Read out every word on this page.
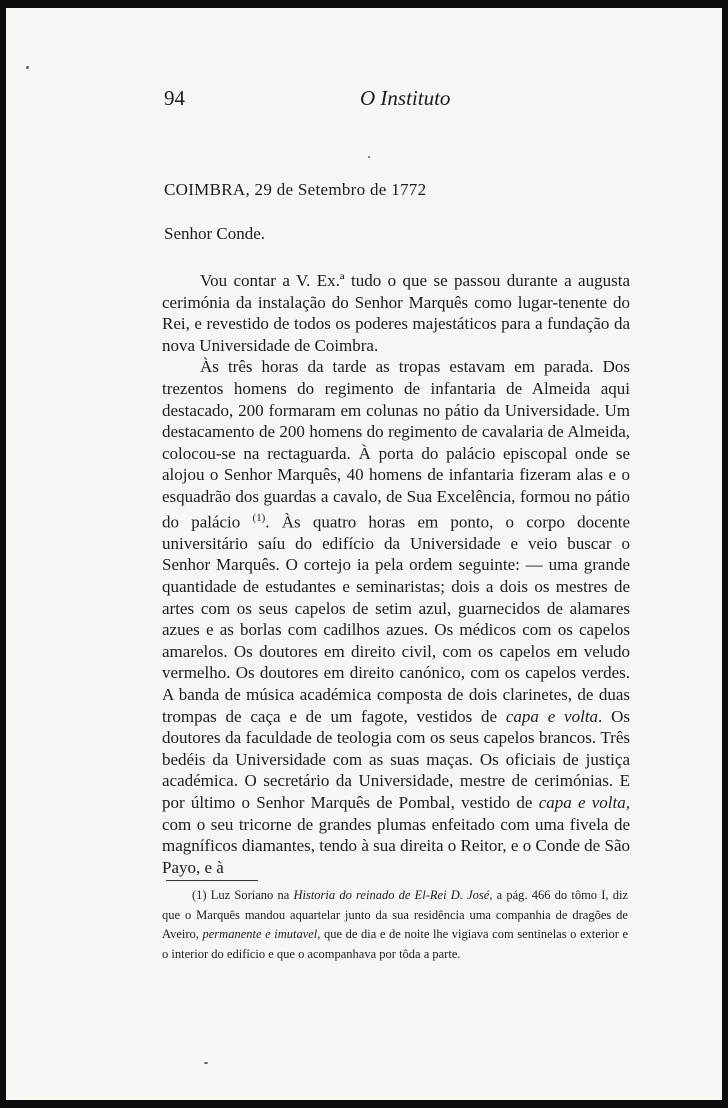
94	O Instituto
COIMBRA, 29 de Setembro de 1772
Senhor Conde.

Vou contar a V. Ex.ª tudo o que se passou durante a augusta cerimónia da instalação do Senhor Marquês como lugar-tenente do Rei, e revestido de todos os poderes majestáticos para a fundação da nova Universidade de Coimbra.

Às três horas da tarde as tropas estavam em parada. Dos trezentos homens do regimento de infantaria de Almeida aqui destacado, 200 formaram em colunas no pátio da Universidade. Um destacamento de 200 homens do regimento de cavalaria de Almeida, colocou-se na rectaguarda. À porta do palácio episcopal onde se alojou o Senhor Marquês, 40 homens de infantaria fizeram alas e o esquadrão dos guardas a cavalo, de Sua Excelência, formou no pátio do palácio $^{(1)}$. Às quatro horas em ponto, o corpo docente universitário saíu do edifício da Universidade e veio buscar o Senhor Marquês. O cortejo ia pela ordem seguinte: — uma grande quantidade de estudantes e seminaristas; dois a dois os mestres de artes com os seus capelos de setim azul, guarnecidos de alamares azues e as borlas com cadilhos azues. Os médicos com os capelos amarelos. Os doutores em direito civil, com os capelos em veludo vermelho. Os doutores em direito canónico, com os capelos verdes. A banda de música académica composta de dois clarinetes, de duas trompas de caça e de um fagote, vestidos de capa e volta. Os doutores da faculdade de teologia com os seus capelos brancos. Três bedéis da Universidade com as suas maças. Os oficiais de justiça académica. O secretário da Universidade, mestre de cerimónias. E por último o Senhor Marquês de Pombal, vestido de capa e volta, com o seu tricorne de grandes plumas enfeitado com uma fivela de magníficos diamantes, tendo à sua direita o Reitor, e o Conde de São Payo, e à

(1) Luz Soriano na Historia do reinado de El-Rei D. José, a pág. 466 do tômo I, diz que o Marquês mandou aquartelar junto da sua residência uma companhia de dragões de Aveiro, permanente e imutavel, que de dia e de noite lhe vigiava com sentinelas o exterior e o interior do edifício e que o acompanhava por tôda a parte.
